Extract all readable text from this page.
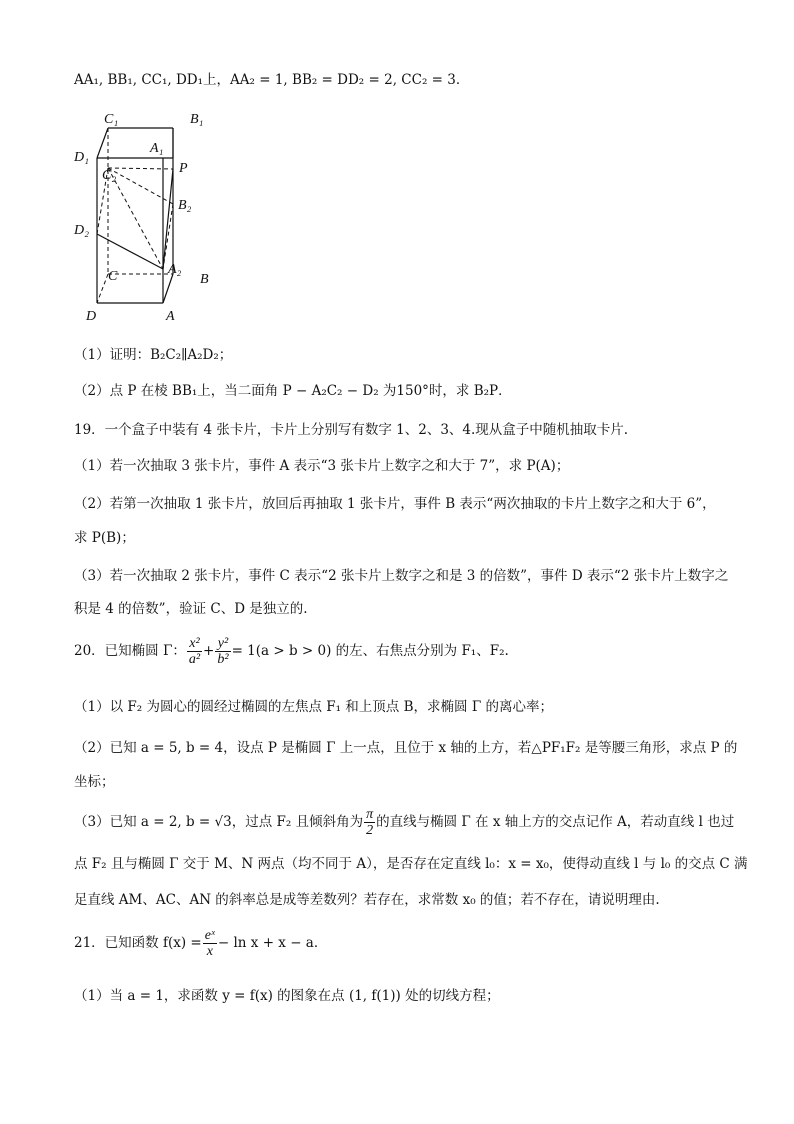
AA₁, BB₁, CC₁, DD₁上，AA₂ = 1, BB₂ = DD₂ = 2, CC₂ = 3．
C₁	B₁
D₁
A₁
C₂	P
B₂
D₂
C	A₂
B
D	A
（1）证明：B₂C₂∥A₂D₂；
（2）点 P 在棱 BB₁上，当二面角 P − A₂C₂ − D₂ 为150°时，求 B₂P．
19．一个盒子中装有 4 张卡片，卡片上分别写有数字 1、2、3、4.现从盒子中随机抽取卡片.
（1）若一次抽取 3 张卡片，事件 A 表示“3 张卡片上数字之和大于 7”，求 P(A)；
（2）若第一次抽取 1 张卡片，放回后再抽取 1 张卡片，事件 B 表示“两次抽取的卡片上数字之和大于 6”，
求 P(B)；
（3）若一次抽取 2 张卡片，事件 C 表示“2 张卡片上数字之和是 3 的倍数”，事件 D 表示“2 张卡片上数字之
积是 4 的倍数”，验证 C、D 是独立的.
20．已知椭圆 Γ： $\frac{\text{x²}}{\text{a²}} + \frac{\text{y²}}{\text{b²}} = 1(a > b > 0)$ 的左、右焦点分别为 F₁、F₂.
（1）以 F₂ 为圆心的圆经过椭圆的左焦点 F₁ 和上顶点 B，求椭圆 Γ 的离心率；
（2）已知 a = 5, b = 4，设点 P 是椭圆 Γ 上一点，且位于 x 轴的上方，若△PF₁F₂ 是等腰三角形，求点 P 的
坐标；
（3）已知 a = 2, b = √3，过点 F₂ 且倾斜角为 $\frac{\pi}{2}$ 的直线与椭圆 Γ 在 x 轴上方的交点记作 A，若动直线 l 也过
点 F₂ 且与椭圆 Γ 交于 M、N 两点（均不同于 A），是否存在定直线 l₀：x = x₀，使得动直线 l 与 l₀ 的交点 C 满
足直线 AM、AC、AN 的斜率总是成等差数列？若存在，求常数 x₀ 的值；若不存在，请说明理由.
21．已知函数 $f(x) = \frac{\text{eˣ}}{x} - \ln x + x - a$．
（1）当 a = 1，求函数 y = f(x) 的图象在点 (1, f(1)) 处的切线方程；
